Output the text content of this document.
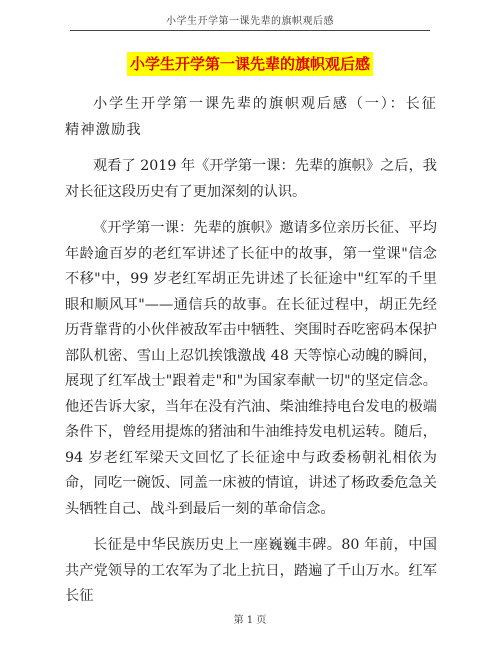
小学生开学第一课先辈的旗帜观后感
小学生开学第一课先辈的旗帜观后感

小学生开学第一课先辈的旗帜观后感（一）：长征精神激励我

观看了 2019 年《开学第一课：先辈的旗帜》之后，我对长征这段历史有了更加深刻的认识。

《开学第一课：先辈的旗帜》邀请多位亲历长征、平均年龄逾百岁的老红军讲述了长征中的故事，第一堂课"信念不移"中，99 岁老红军胡正先讲述了长征途中"红军的千里眼和顺风耳"——通信兵的故事。在长征过程中，胡正先经历背靠背的小伙伴被敌军击中牺牲、突围时吞吃密码本保护部队机密、雪山上忍饥挨饿激战 48 天等惊心动魄的瞬间，展现了红军战士"跟着走"和"为国家奉献一切"的坚定信念。他还告诉大家，当年在没有汽油、柴油维持电台发电的极端条件下，曾经用提炼的猪油和牛油维持发电机运转。随后，94 岁老红军梁天文回忆了长征途中与政委杨朝礼相依为命，同吃一碗饭、同盖一床被的情谊，讲述了杨政委危急关头牺牲自己、战斗到最后一刻的革命信念。

长征是中华民族历史上一座巍巍丰碑。80 年前，中国共产党领导的工农军为了北上抗日，踏遍了千山万水。红军长征

第 1 页
